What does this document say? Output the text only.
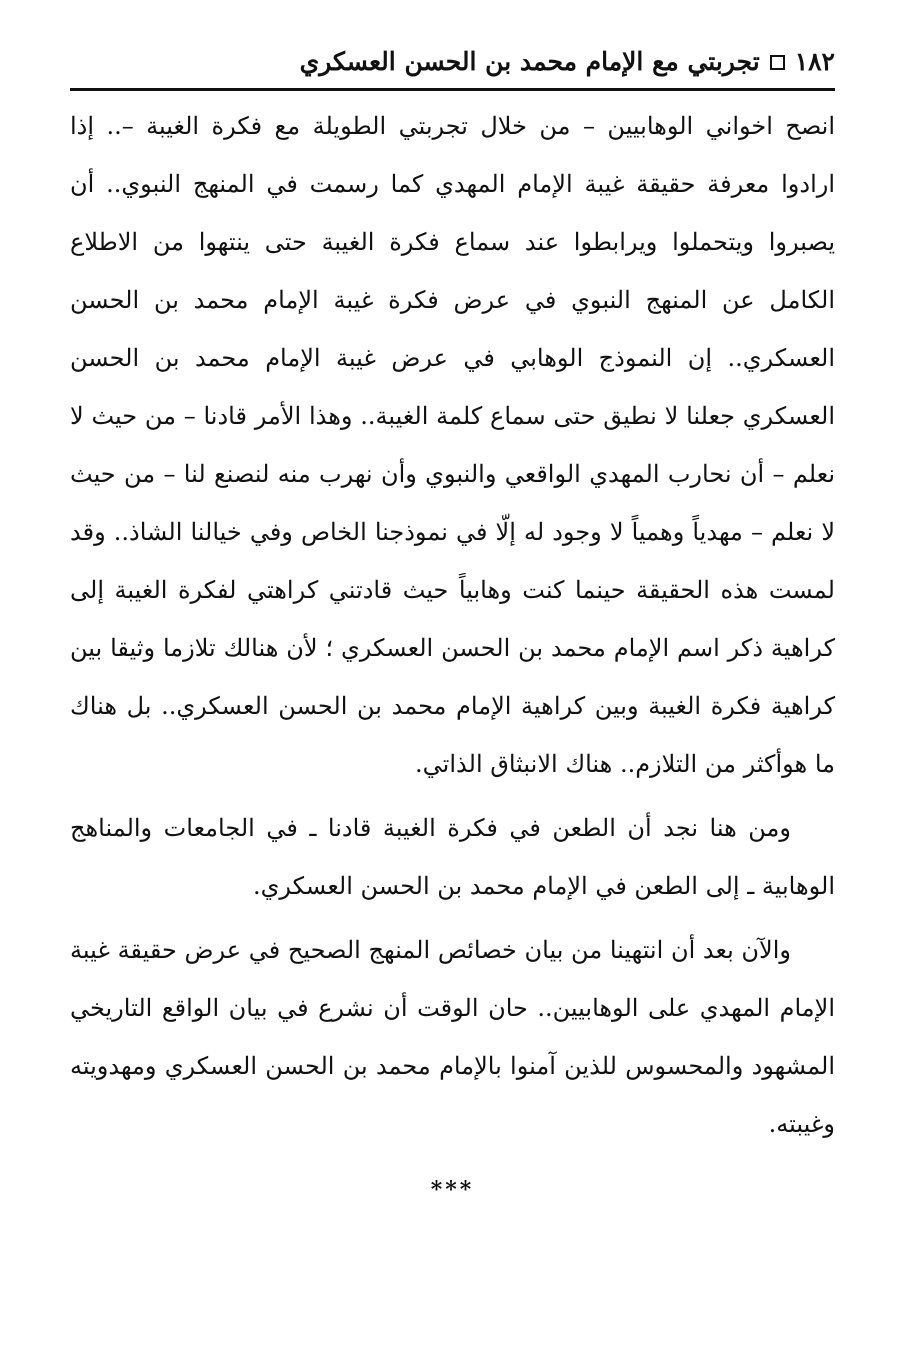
١٨٢
تجربتي مع الإمام محمد بن الحسن العسكري

انصح اخواني الوهابيين – من خلال تجربتي الطويلة مع فكرة الغيبة –.. إذا ارادوا معرفة حقيقة غيبة الإمام المهدي كما رسمت في المنهج النبوي.. أن يصبروا ويتحملوا ويرابطوا عند سماع فكرة الغيبة حتى ينتهوا من الاطلاع الكامل عن المنهج النبوي في عرض فكرة غيبة الإمام محمد بن الحسن العسكري.. إن النموذج الوهابي في عرض غيبة الإمام محمد بن الحسن العسكري جعلنا لا نطيق حتى سماع كلمة الغيبة.. وهذا الأمر قادنا – من حيث لا نعلم – أن نحارب المهدي الواقعي والنبوي وأن نهرب منه لنصنع لنا – من حيث لا نعلم – مهدياً وهمياً لا وجود له إلّا في نموذجنا الخاص وفي خيالنا الشاذ.. وقد لمست هذه الحقيقة حينما كنت وهابياً حيث قادتني كراهتي لفكرة الغيبة إلى كراهية ذكر اسم الإمام محمد بن الحسن العسكري ؛ لأن هنالك تلازما وثيقا بين كراهية فكرة الغيبة وبين كراهية الإمام محمد بن الحسن العسكري.. بل هناك ما هوأكثر من التلازم.. هناك الانبثاق الذاتي.

ومن هنا نجد أن الطعن في فكرة الغيبة قادنا ـ في الجامعات والمناهج الوهابية ـ إلى الطعن في الإمام محمد بن الحسن العسكري.

والآن بعد أن انتهينا من بيان خصائص المنهج الصحيح في عرض حقيقة غيبة الإمام المهدي على الوهابيين.. حان الوقت أن نشرع في بيان الواقع التاريخي المشهود والمحسوس للذين آمنوا بالإمام محمد بن الحسن العسكري ومهدويته وغيبته.

***
